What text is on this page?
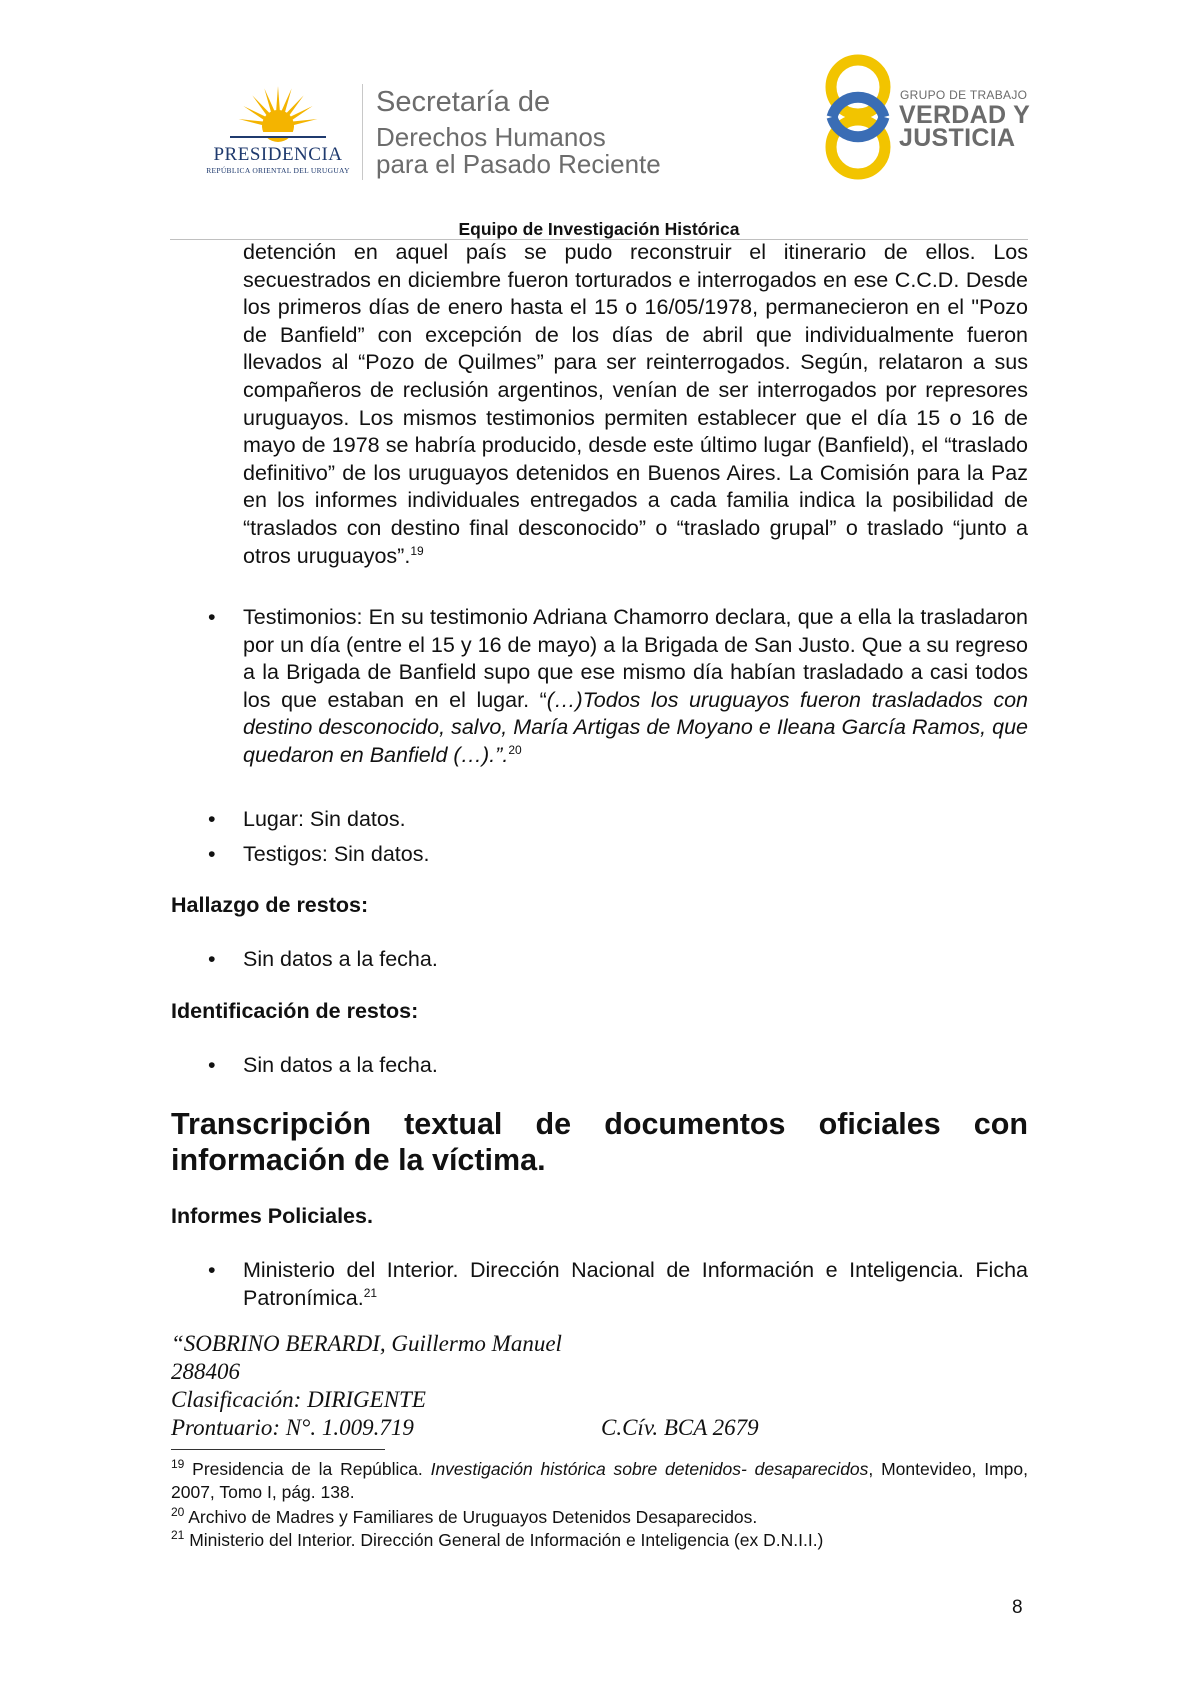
PRESIDENCIA
REPÚBLICA ORIENTAL DEL URUGUAY
Secretaría de
Derechos Humanos
para el Pasado Reciente
GRUPO DE TRABAJO
VERDAD Y
JUSTICIA
Equipo de Investigación Histórica
detención en aquel país se pudo reconstruir el itinerario de ellos. Los secuestrados en diciembre fueron torturados e interrogados en ese C.C.D. Desde los primeros días de enero hasta el 15 o 16/05/1978, permanecieron en el "Pozo de Banfield” con excepción de los días de abril que individualmente fueron llevados al “Pozo de Quilmes” para ser reinterrogados. Según, relataron a sus compañeros de reclusión argentinos, venían de ser interrogados por represores uruguayos. Los mismos testimonios permiten establecer que el día 15 o 16 de mayo de 1978 se habría producido, desde este último lugar (Banfield), el “traslado definitivo” de los uruguayos detenidos en Buenos Aires. La Comisión para la Paz en los informes individuales entregados a cada familia indica la posibilidad de “traslados con destino final desconocido” o “traslado grupal” o traslado “junto a otros uruguayos”.$^{19}$
• Testimonios: En su testimonio Adriana Chamorro declara, que a ella la trasladaron por un día (entre el 15 y 16 de mayo) a la Brigada de San Justo. Que a su regreso a la Brigada de Banfield supo que ese mismo día habían trasladado a casi todos los que estaban en el lugar. “(…)Todos los uruguayos fueron trasladados con destino desconocido, salvo, María Artigas de Moyano e Ileana García Ramos, que quedaron en Banfield (…).”.$^{20}$
• Lugar: Sin datos.
• Testigos: Sin datos.
Hallazgo de restos:
• Sin datos a la fecha.
Identificación de restos:
• Sin datos a la fecha.
Transcripción textual de documentos oficiales con información de la víctima.
Informes Policiales.
• Ministerio del Interior. Dirección Nacional de Información e Inteligencia. Ficha Patronímica.$^{21}$
“SOBRINO BERARDI, Guillermo Manuel
288406
Clasificación: DIRIGENTE
Prontuario: N°. 1.009.719	C.Cív. BCA 2679
$^{19}$ Presidencia de la República. Investigación histórica sobre detenidos- desaparecidos, Montevideo, Impo, 2007, Tomo I, pág. 138.
$^{20}$ Archivo de Madres y Familiares de Uruguayos Detenidos Desaparecidos.
$^{21}$ Ministerio del Interior. Dirección General de Información e Inteligencia (ex D.N.I.I.)
8
